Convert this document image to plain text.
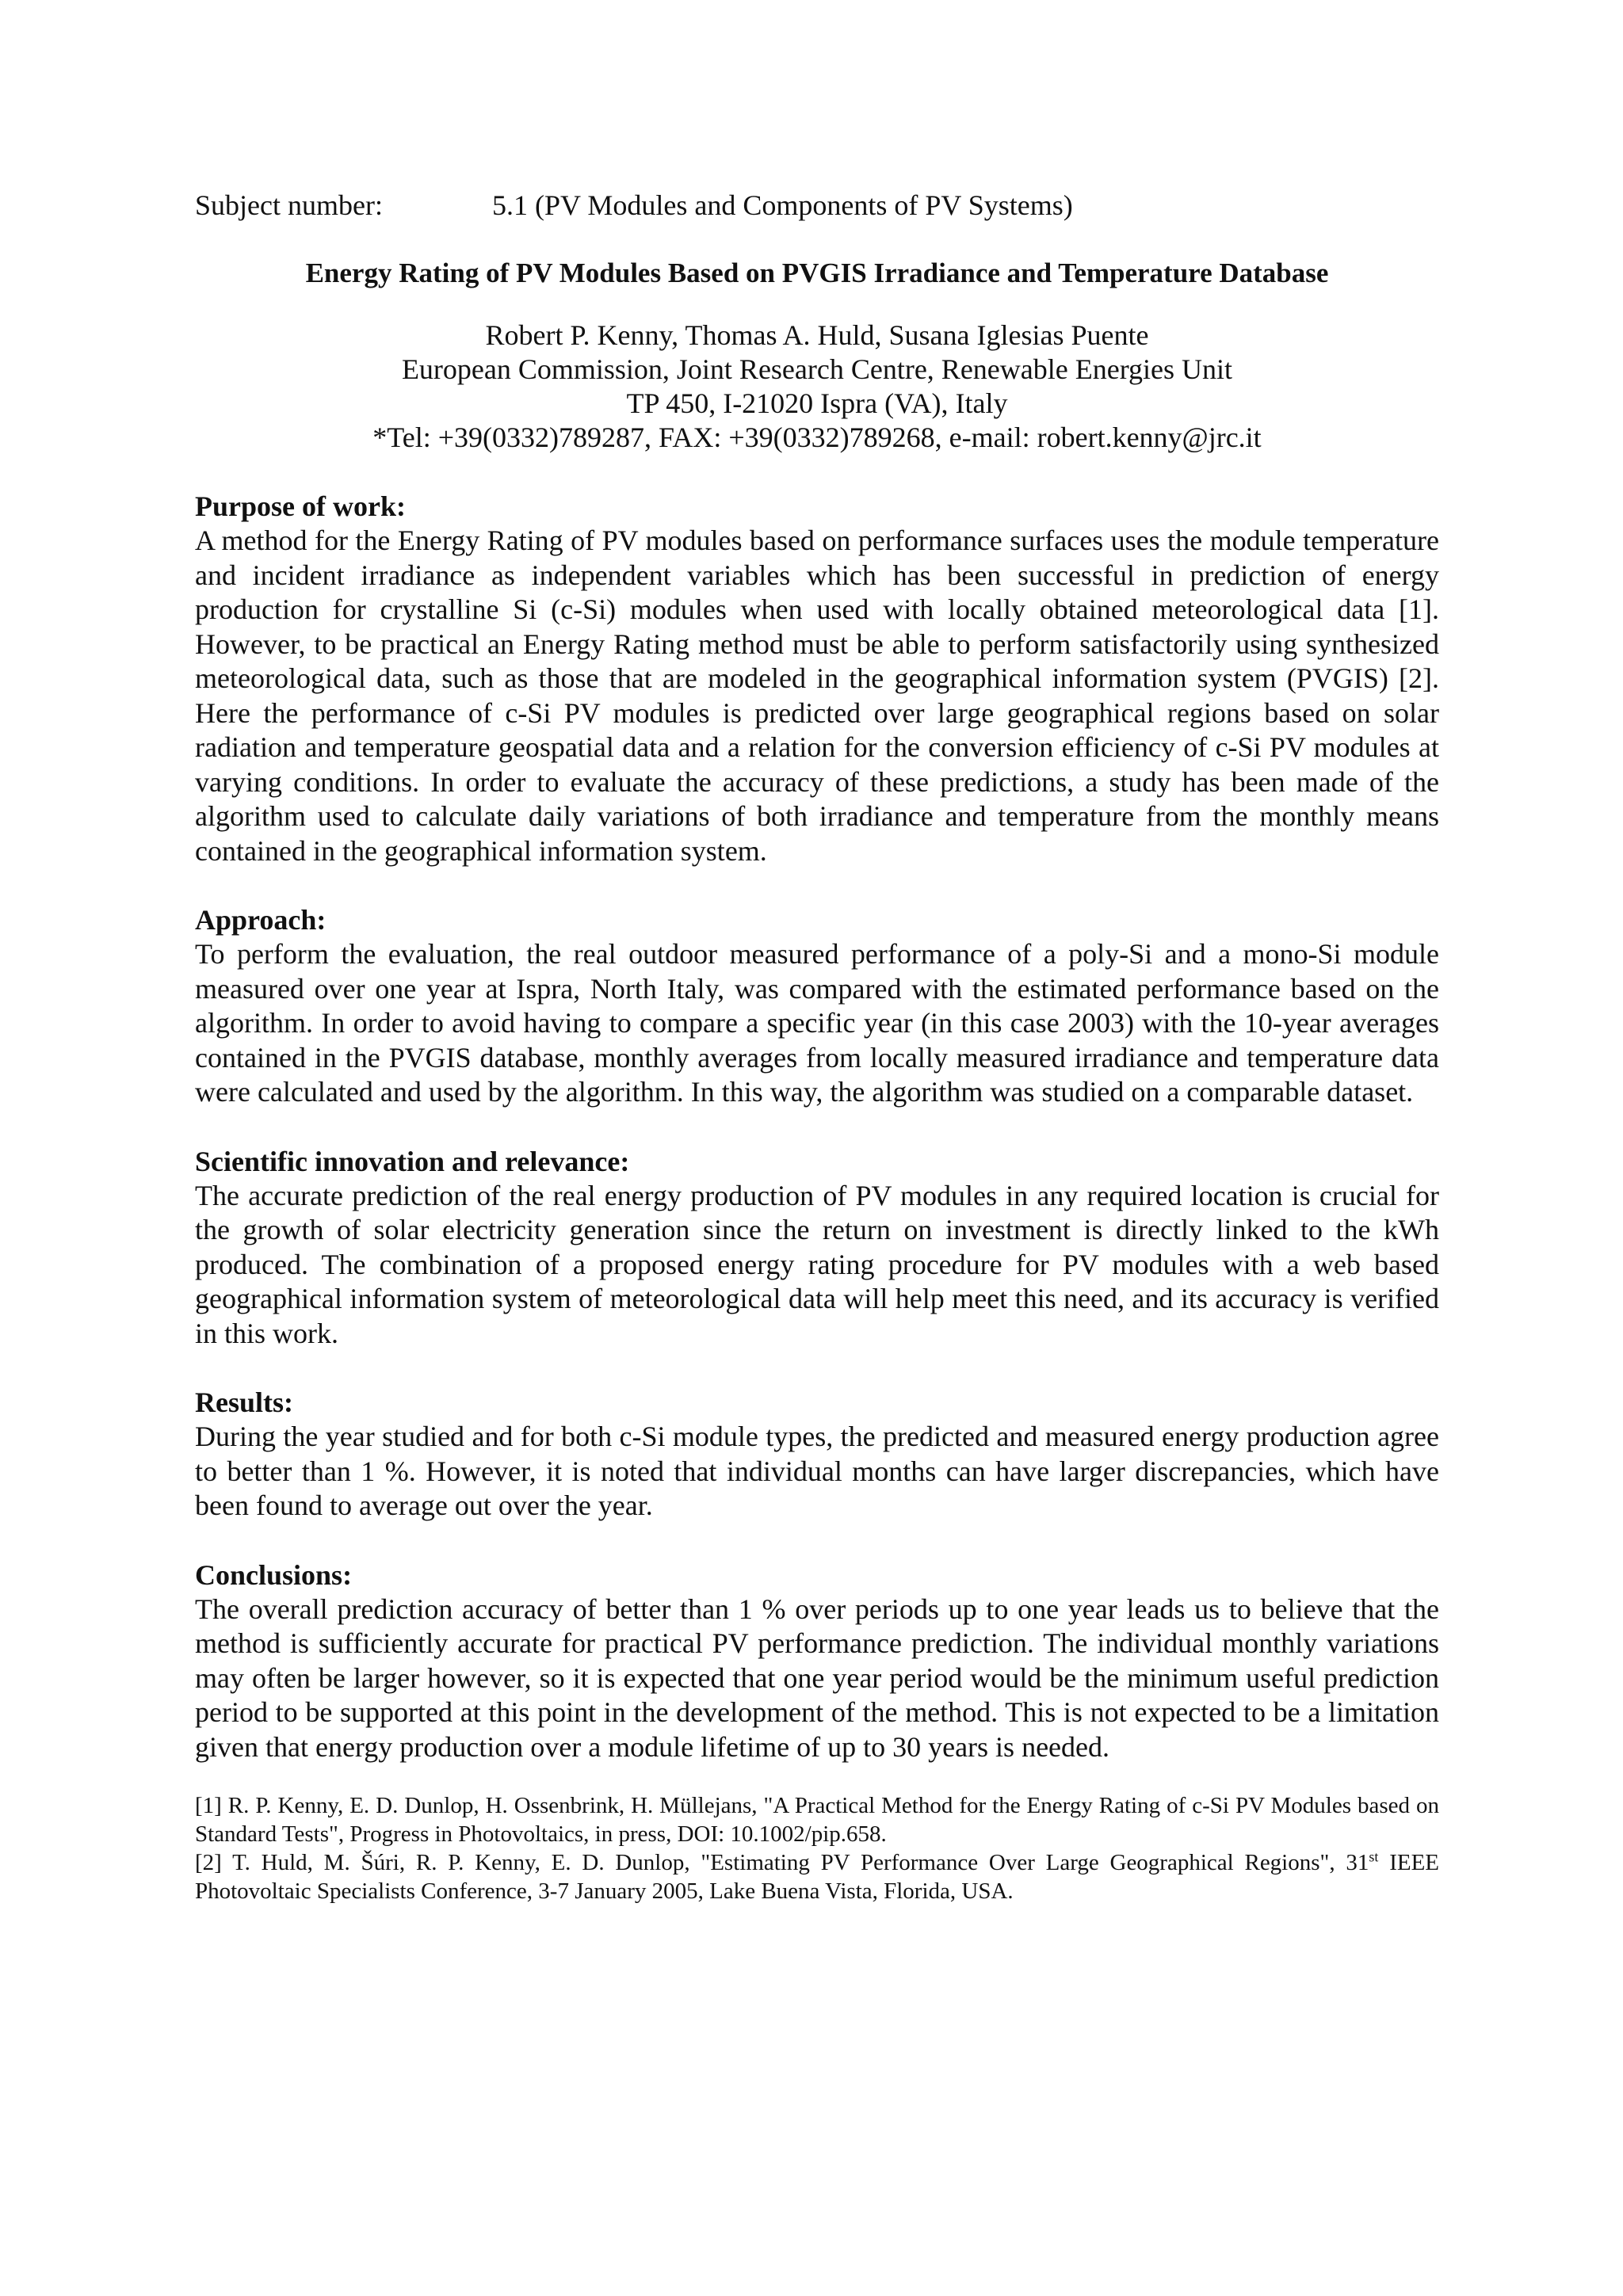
Subject number:	5.1 (PV Modules and Components of PV Systems)
Energy Rating of PV Modules Based on PVGIS Irradiance and Temperature Database
Robert P. Kenny, Thomas A. Huld, Susana Iglesias Puente
European Commission, Joint Research Centre, Renewable Energies Unit
TP 450, I-21020 Ispra (VA), Italy
*Tel: +39(0332)789287, FAX: +39(0332)789268, e-mail: robert.kenny@jrc.it
Purpose of work:
A method for the Energy Rating of PV modules based on performance surfaces uses the module temperature and incident irradiance as independent variables which has been successful in prediction of energy production for crystalline Si (c-Si) modules when used with locally obtained meteorological data [1]. However, to be practical an Energy Rating method must be able to perform satisfactorily using synthesized meteorological data, such as those that are modeled in the geographical information system (PVGIS) [2]. Here the performance of c-Si PV modules is predicted over large geographical regions based on solar radiation and temperature geospatial data and a relation for the conversion efficiency of c-Si PV modules at varying conditions. In order to evaluate the accuracy of these predictions, a study has been made of the algorithm used to calculate daily variations of both irradiance and temperature from the monthly means contained in the geographical information system.
Approach:
To perform the evaluation, the real outdoor measured performance of a poly-Si and a mono-Si module measured over one year at Ispra, North Italy, was compared with the estimated performance based on the algorithm. In order to avoid having to compare a specific year (in this case 2003) with the 10-year averages contained in the PVGIS database, monthly averages from locally measured irradiance and temperature data were calculated and used by the algorithm. In this way, the algorithm was studied on a comparable dataset.
Scientific innovation and relevance:
The accurate prediction of the real energy production of PV modules in any required location is crucial for the growth of solar electricity generation since the return on investment is directly linked to the kWh produced. The combination of a proposed energy rating procedure for PV modules with a web based geographical information system of meteorological data will help meet this need, and its accuracy is verified in this work.
Results:
During the year studied and for both c-Si module types, the predicted and measured energy production agree to better than 1 %. However, it is noted that individual months can have larger discrepancies, which have been found to average out over the year.
Conclusions:
The overall prediction accuracy of better than 1 % over periods up to one year leads us to believe that the method is sufficiently accurate for practical PV performance prediction. The individual monthly variations may often be larger however, so it is expected that one year period would be the minimum useful prediction period to be supported at this point in the development of the method. This is not expected to be a limitation given that energy production over a module lifetime of up to 30 years is needed.

[1] R. P. Kenny, E. D. Dunlop, H. Ossenbrink, H. Müllejans, "A Practical Method for the Energy Rating of c-Si PV Modules based on Standard Tests", Progress in Photovoltaics, in press, DOI: 10.1002/pip.658.

[2] T. Huld, M. Šúri, R. P. Kenny, E. D. Dunlop, "Estimating PV Performance Over Large Geographical Regions", 31st IEEE Photovoltaic Specialists Conference, 3-7 January 2005, Lake Buena Vista, Florida, USA.
